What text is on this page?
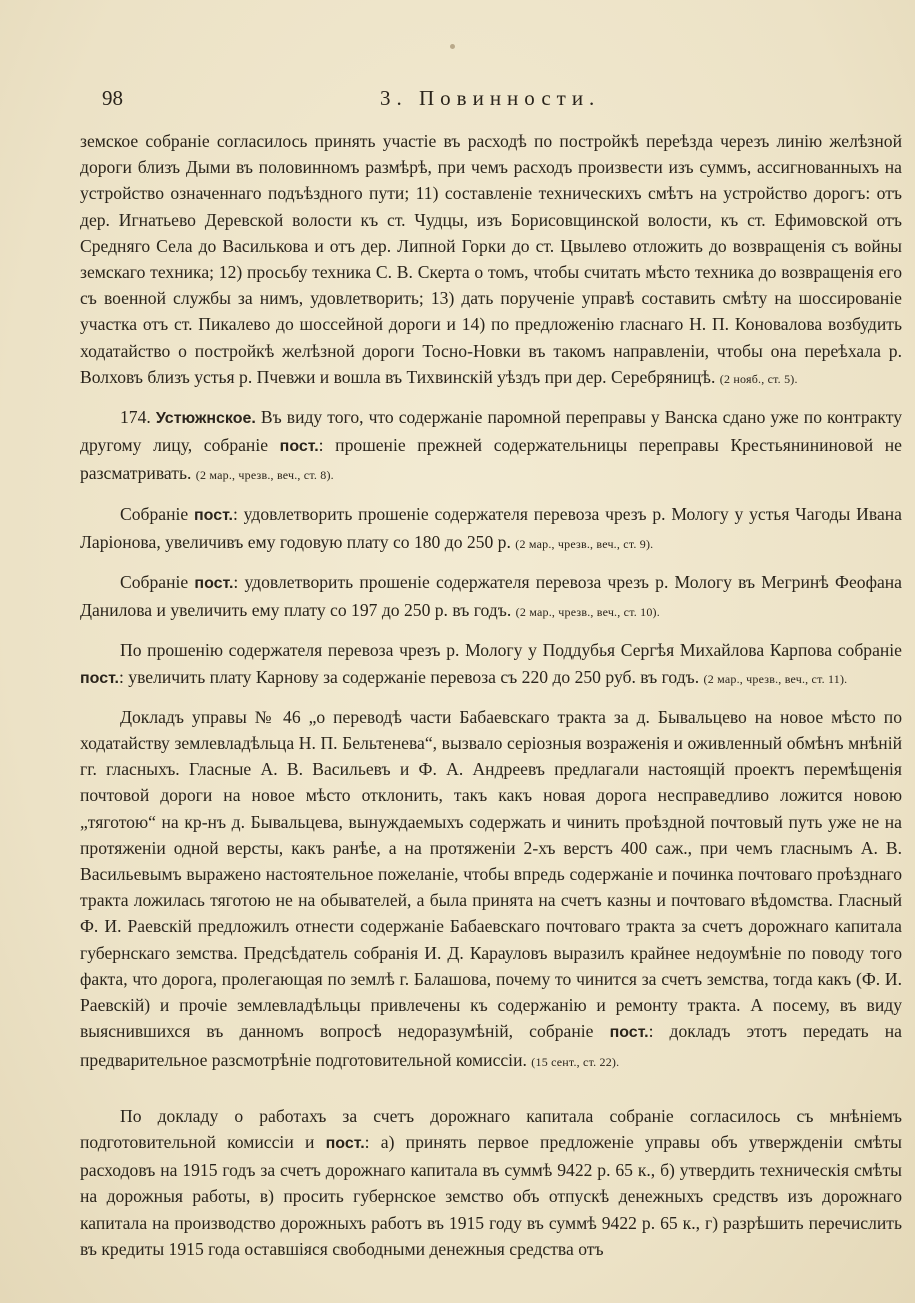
98	3. Повинности.

земское собраніе согласилось принять участіе въ расходѣ по постройкѣ переѣзда черезъ линію желѣзной дороги близъ Дыми въ половинномъ размѣрѣ, при чемъ расходъ произвести изъ суммъ, ассигнованныхъ на устройство означеннаго подъѣздного пути; 11) составленіе техническихъ смѣтъ на устройство дорогъ: отъ дер. Игнатьево Деревской волости къ ст. Чудцы, изъ Борисовщинской волости, къ ст. Ефимовской отъ Средняго Села до Василькова и отъ дер. Липной Горки до ст. Цвылево отложить до возвращенія съ войны земскаго техника; 12) просьбу техника С. В. Скерта о томъ, чтобы считать мѣсто техника до возвращенія его съ военной службы за нимъ, удовлетворить; 13) дать порученіе управѣ составить смѣту на шоссированіе участка отъ ст. Пикалево до шоссейной дороги и 14) по предложенію гласнаго Н. П. Коновалова возбудить ходатайство о постройкѣ желѣзной дороги Тосно-Новки въ такомъ направленіи, чтобы она переѣхала р. Волховъ близъ устья р. Пчевжи и вошла въ Тихвинскій уѣздъ при дер. Серебряницѣ. (2 нояб., ст. 5).

174. Устюжнское. Въ виду того, что содержаніе паромной переправы у Ванска сдано уже по контракту другому лицу, собраніе пост.: прошеніе прежней содержательницы переправы Крестьянининовой не разсматривать. (2 мар., чрезв., веч., ст. 8).

Собраніе пост.: удовлетворить прошеніе содержателя перевоза чрезъ р. Мологу у устья Чагоды Ивана Ларіонова, увеличивъ ему годовую плату со 180 до 250 р. (2 мар., чрезв., веч., ст. 9).

Собраніе пост.: удовлетворить прошеніе содержателя перевоза чрезъ р. Мологу въ Мегринѣ Феофана Данилова и увеличить ему плату со 197 до 250 р. въ годъ. (2 мар., чрезв., веч., ст. 10).

По прошенію содержателя перевоза чрезъ р. Мологу у Поддубья Сергѣя Михайлова Карпова собраніе пост.: увеличить плату Карнову за содержаніе перевоза съ 220 до 250 руб. въ годъ. (2 мар., чрезв., веч., ст. 11).

Докладъ управы № 46 „о переводѣ части Бабаевскаго тракта за д. Бывальцево на новое мѣсто по ходатайству землевладѣльца Н. П. Бельтенева“, вызвало серіозныя возраженія и оживленный обмѣнъ мнѣній гг. гласныхъ. Гласные А. В. Васильевъ и Ф. А. Андреевъ предлагали настоящій проектъ перемѣщенія почтовой дороги на новое мѣсто отклонить, такъ какъ новая дорога несправедливо ложится новою „тяготою“ на кр-нъ д. Бывальцева, вынуждаемыхъ содержать и чинить проѣздной почтовый путь уже не на протяженіи одной версты, какъ ранѣе, а на протяженіи 2-хъ верстъ 400 саж., при чемъ гласнымъ А. В. Васильевымъ выражено настоятельное пожеланіе, чтобы впредь содержаніе и починка почтоваго проѣзднаго тракта ложилась тяготою не на обывателей, а была принята на счетъ казны и почтоваго вѣдомства. Гласный Ф. И. Раевскій предложилъ отнести содержаніе Бабаевскаго почтоваго тракта за счетъ дорожнаго капитала губернскаго земства. Предсѣдатель собранія И. Д. Карауловъ выразилъ крайнее недоумѣніе по поводу того факта, что дорога, пролегающая по землѣ г. Балашова, почему то чинится за счетъ земства, тогда какъ (Ф. И. Раевскій) и прочіе землевладѣльцы привлечены къ содержанію и ремонту тракта. А посему, въ виду выяснившихся въ данномъ вопросѣ недоразумѣній, собраніе пост.: докладъ этотъ передать на предварительное разсмотрѣніе подготовительной комиссіи. (15 сент., ст. 22).

По докладу о работахъ за счетъ дорожнаго капитала собраніе согласилось съ мнѣніемъ подготовительной комиссіи и пост.: а) принять первое предложеніе управы объ утвержденіи смѣты расходовъ на 1915 годъ за счетъ дорожнаго капитала въ суммѣ 9422 р. 65 к., б) утвердить техническія смѣты на дорожныя работы, в) просить губернское земство объ отпускѣ денежныхъ средствъ изъ дорожнаго капитала на производство дорожныхъ работъ въ 1915 году въ суммѣ 9422 р. 65 к., г) разрѣшить перечислить въ кредиты 1915 года оставшіяся свободными денежныя средства отъ
